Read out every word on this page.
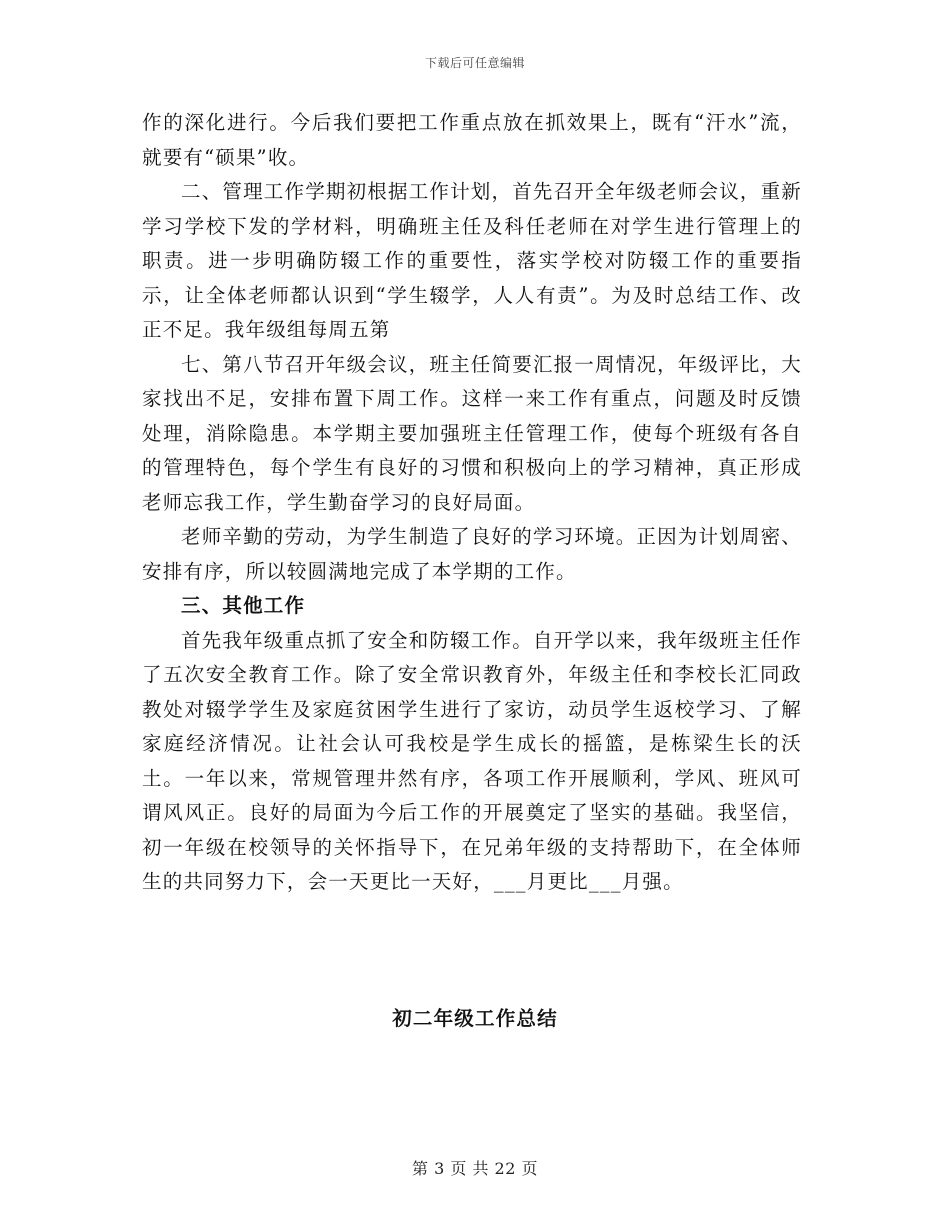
下载后可任意编辑

作的深化进行。今后我们要把工作重点放在抓效果上，既有“汗水”流，就要有“硕果”收。

二、管理工作学期初根据工作计划，首先召开全年级老师会议，重新学习学校下发的学材料，明确班主任及科任老师在对学生进行管理上的职责。进一步明确防辍工作的重要性，落实学校对防辍工作的重要指示，让全体老师都认识到“学生辍学，人人有责”。为及时总结工作、改正不足。我年级组每周五第

七、第八节召开年级会议，班主任简要汇报一周情况，年级评比，大家找出不足，安排布置下周工作。这样一来工作有重点，问题及时反馈处理，消除隐患。本学期主要加强班主任管理工作，使每个班级有各自的管理特色，每个学生有良好的习惯和积极向上的学习精神，真正形成老师忘我工作，学生勤奋学习的良好局面。

老师辛勤的劳动，为学生制造了良好的学习环境。正因为计划周密、安排有序，所以较圆满地完成了本学期的工作。

三、其他工作

首先我年级重点抓了安全和防辍工作。自开学以来，我年级班主任作了五次安全教育工作。除了安全常识教育外，年级主任和李校长汇同政教处对辍学学生及家庭贫困学生进行了家访，动员学生返校学习、了解家庭经济情况。让社会认可我校是学生成长的摇篮，是栋梁生长的沃土。一年以来，常规管理井然有序，各项工作开展顺利，学风、班风可谓风风正。良好的局面为今后工作的开展奠定了坚实的基础。我坚信，初一年级在校领导的关怀指导下，在兄弟年级的支持帮助下，在全体师生的共同努力下，会一天更比一天好，___月更比___月强。

初二年级工作总结
第 3 页 共 22 页
